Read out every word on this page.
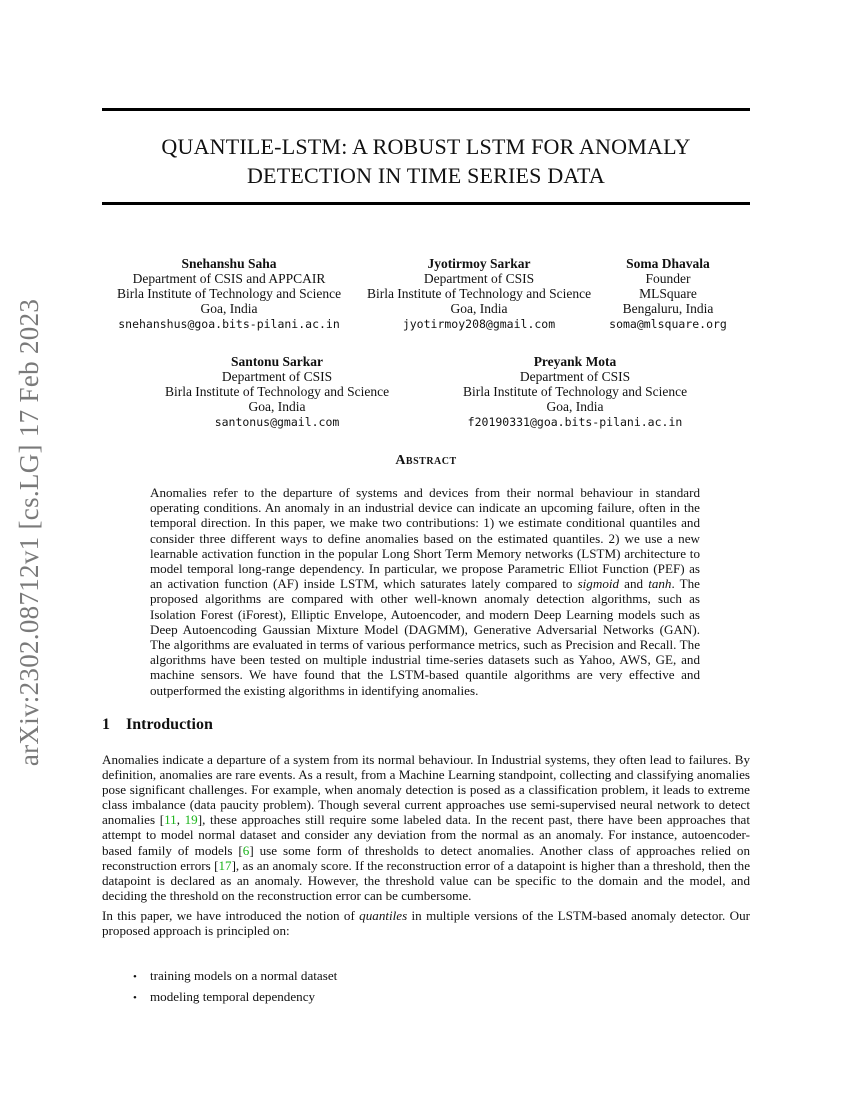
arXiv:2302.08712v1 [cs.LG] 17 Feb 2023
QUANTILE-LSTM: A ROBUST LSTM FOR ANOMALY
DETECTION IN TIME SERIES DATA
Snehanshu Saha
Department of CSIS and APPCAIR
Birla Institute of Technology and Science
Goa, India
snehanshus@goa.bits-pilani.ac.in
Jyotirmoy Sarkar
Department of CSIS
Birla Institute of Technology and Science
Goa, India
jyotirmoy208@gmail.com
Soma Dhavala
Founder
MLSquare
Bengaluru, India
soma@mlsquare.org
Santonu Sarkar
Department of CSIS
Birla Institute of Technology and Science
Goa, India
santonus@gmail.com
Preyank Mota
Department of CSIS
Birla Institute of Technology and Science
Goa, India
f20190331@goa.bits-pilani.ac.in
Abstract
Anomalies refer to the departure of systems and devices from their normal behaviour in standard operating conditions. An anomaly in an industrial device can indicate an upcoming failure, often in the temporal direction. In this paper, we make two contributions: 1) we estimate conditional quantiles and consider three different ways to define anomalies based on the estimated quantiles. 2) we use a new learnable activation function in the popular Long Short Term Memory networks (LSTM) architecture to model temporal long-range dependency. In particular, we propose Parametric Elliot Function (PEF) as an activation function (AF) inside LSTM, which saturates lately compared to sigmoid and tanh. The proposed algorithms are compared with other well-known anomaly detection algorithms, such as Isolation Forest (iForest), Elliptic Envelope, Autoencoder, and modern Deep Learning models such as Deep Autoencoding Gaussian Mixture Model (DAGMM), Generative Adversarial Networks (GAN). The algorithms are evaluated in terms of various performance metrics, such as Precision and Recall. The algorithms have been tested on multiple industrial time-series datasets such as Yahoo, AWS, GE, and machine sensors. We have found that the LSTM-based quantile algorithms are very effective and outperformed the existing algorithms in identifying anomalies.
1 Introduction
Anomalies indicate a departure of a system from its normal behaviour. In Industrial systems, they often lead to failures. By definition, anomalies are rare events. As a result, from a Machine Learning standpoint, collecting and classifying anomalies pose significant challenges. For example, when anomaly detection is posed as a classification problem, it leads to extreme class imbalance (data paucity problem). Though several current approaches use semi-supervised neural network to detect anomalies [11, 19], these approaches still require some labeled data. In the recent past, there have been approaches that attempt to model normal dataset and consider any deviation from the normal as an anomaly. For instance, autoencoder-based family of models [6] use some form of thresholds to detect anomalies. Another class of approaches relied on reconstruction errors [17], as an anomaly score. If the reconstruction error of a datapoint is higher than a threshold, then the datapoint is declared as an anomaly. However, the threshold value can be specific to the domain and the model, and deciding the threshold on the reconstruction error can be cumbersome.
In this paper, we have introduced the notion of quantiles in multiple versions of the LSTM-based anomaly detector. Our proposed approach is principled on:
•	training models on a normal dataset
•	modeling temporal dependency
